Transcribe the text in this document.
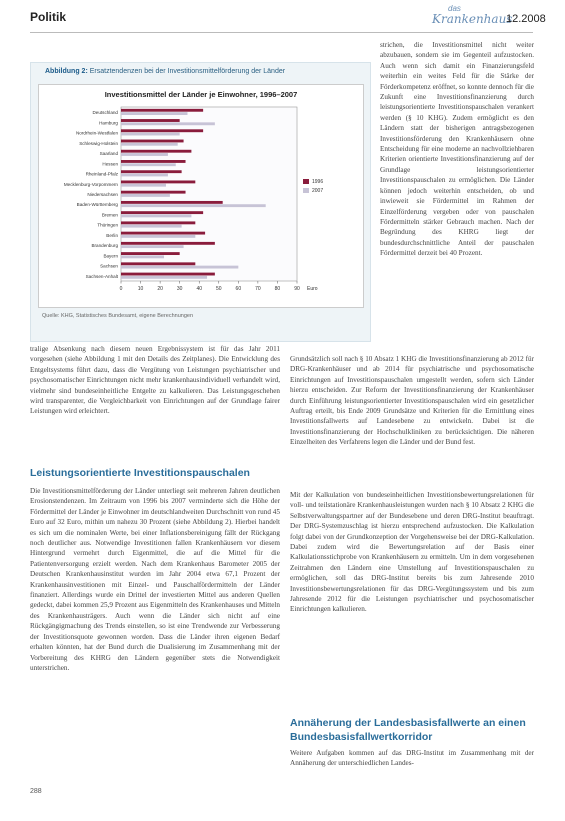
Politik
das
Krankenhaus
12.2008
Abbildung 2: Ersatztendenzen bei der Investitionsmittelförderung der Länder
Investitionsmittel der Länder je Einwohner, 1996–2007
Deutschland
Hamburg
Nordrhein-Westfalen
Schleswig-Holstein
Saarland
Hessen
Rheinland-Pfalz
Mecklenburg-Vorpommern
Niedersachsen
Baden-Württemberg
Bremen
Thüringen
Berlin
Brandenburg
Bayern
Sachsen
Sachsen-Anhalt
0	10	20	30	40	50	60	70	80	90 Euro
1996
2007
Quelle: KHG, Statistisches Bundesamt, eigene Berechnungen
tralige Absenkung nach diesem neuen Ergebnissystem ist für das Jahr 2011 vorgesehen (siehe Abbildung 1 mit den Details des Zeitplanes). Die Entwicklung des Entgeltsystems führt dazu, dass die Vergütung von Leistungen psychiatrischer und psychosomatischer Einrichtungen nicht mehr krankenhausindividuell verhandelt wird, vielmehr sind bundeseinheitliche Entgelte zu kalkulieren. Das Leistungsgeschehen wird transparenter, die Vergleichbarkeit von Einrichtungen auf der Grundlage fairer Leistungen wird erleichtert.
Leistungsorientierte Investitionspauschalen
Die Investitionsmittelförderung der Länder unterliegt seit mehreren Jahren deutlichen Erosionstendenzen. Im Zeitraum von 1996 bis 2007 verminderte sich die Höhe der Fördermittel der Länder je Einwohner im deutschlandweiten Durchschnitt von rund 45 Euro auf 32 Euro, mithin um nahezu 30 Prozent (siehe Abbildung 2). Hierbei handelt es sich um die nominalen Werte, bei einer Inflationsbereinigung fällt der Rückgang noch deutlicher aus. Notwendige Investitionen fallen Krankenhäusern vor diesem Hintergrund vermehrt durch Eigenmittel, die auf die Mittel für die Patientenversorgung erzielt werden. Nach dem Krankenhaus Barometer 2005 der Deutschen Krankenhausinstitut wurden im Jahr 2004 etwa 67,1 Prozent der Krankenhausinvestitionen mit Einzel- und Pauschalfördermitteln der Länder finanziert. Allerdings wurde ein Drittel der investierten Mittel aus anderen Quellen gedeckt, dabei kommen 25,9 Prozent aus Eigenmitteln des Krankenhauses und Mitteln des Krankenhausträgers. Auch wenn die Länder sich nicht auf eine Rückgängigmachung des Trends einstellen, so ist eine Trendwende zur Verbesserung der Investitionsquote gewonnen worden. Dass die Länder ihren eigenen Bedarf erhalten könnten, hat der Bund durch die Dualisierung im Zusammenhang mit der Vorbereitung des KHRG den Ländern gegenüber stets die Notwendigkeit unterstrichen.
strichen, die Investitionsmittel nicht weiter abzubauen, sondern sie im Gegenteil aufzustocken. Auch wenn sich damit ein Finanzierungsfeld weiterhin ein weites Feld für die Stärke der Förderkompetenz eröffnet, so konnte dennoch für die Zukunft eine Investitionsfinanzierung durch leistungsorientierte Investitionspauschalen verankert werden (§ 10 KHG). Zudem ermöglicht es den Ländern statt der bisherigen antragsbezogenen Investitionsförderung den Krankenhäusern ohne Entscheidung für eine moderne an nachvollziehbaren Kriterien orientierte Investitionsfinanzierung auf der Grundlage leistungsorientierter Investitionspauschalen zu ermöglichen. Die Länder können jedoch weiterhin entscheiden, ob und inwieweit sie Fördermittel im Rahmen der Einzelförderung vergeben oder von pauschalen Fördermitteln stärker Gebrauch machen. Nach der Begründung des KHRG liegt der bundesdurchschnittliche Anteil der pauschalen Fördermittel derzeit bei 40 Prozent.
Grundsätzlich soll nach § 10 Absatz 1 KHG die Investitionsfinanzierung ab 2012 für DRG-Krankenhäuser und ab 2014 für psychiatrische und psychosomatische Einrichtungen auf Investitionspauschalen umgestellt werden, sofern sich Länder hierzu entscheiden. Zur Reform der Investitionsfinanzierung der Krankenhäuser durch Einführung leistungsorientierter Investitionspauschalen wird ein gesetzlicher Auftrag erteilt, bis Ende 2009 Grundsätze und Kriterien für die Ermittlung eines Investitionsfallwerts auf Landesebene zu entwickeln. Dabei ist die Investitionsfinanzierung der Hochschulkliniken zu berücksichtigen. Die näheren Einzelheiten des Verfahrens legen die Länder und der Bund fest.
Mit der Kalkulation von bundeseinheitlichen Investitionsbewertungsrelationen für voll- und teilstationäre Krankenhausleistungen wurden nach § 10 Absatz 2 KHG die Selbstverwaltungspartner auf der Bundesebene und deren DRG-Institut beauftragt. Der DRG-Systemzuschlag ist hierzu entsprechend aufzustocken. Die Kalkulation folgt dabei von der Grundkonzeption der Vorgehensweise bei der DRG-Kalkulation. Dabei zudem wird die Bewertungsrelation auf der Basis einer Kalkulationsstichprobe von Krankenhäusern zu ermitteln. Um in dem vorgesehenen Zeitrahmen den Ländern eine Umstellung auf Investitionspauschalen zu ermöglichen, soll das DRG-Institut bereits bis zum Jahresende 2010 Investitionsbewertungsrelationen für das DRG-Vergütungssystem und bis zum Jahresende 2012 für die Leistungen psychiatrischer und psychosomatischer Einrichtungen kalkulieren.
Annäherung der Landesbasisfallwerte an einen Bundesbasisfallwertkorridor
Weitere Aufgaben kommen auf das DRG-Institut im Zusammenhang mit der Annäherung der unterschiedlichen Landes-
288
